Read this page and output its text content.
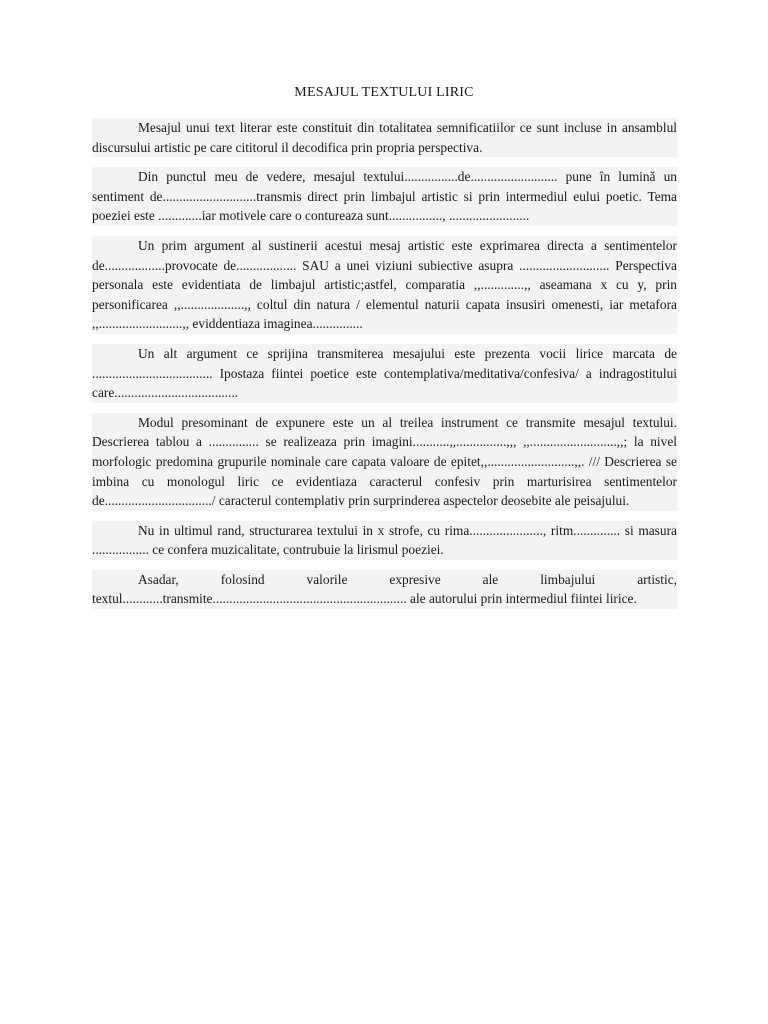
MESAJUL TEXTULUI LIRIC

Mesajul unui text literar este constituit din totalitatea semnificatiilor ce sunt incluse in ansamblul discursului artistic pe care cititorul il decodifica prin propria perspectiva.

Din punctul meu de vedere, mesajul textului................de.......................... pune în lumină un sentiment de............................transmis direct prin limbajul artistic si prin intermediul eului poetic. Tema poeziei este .............iar motivele care o contureaza sunt................, ........................

Un prim argument al sustinerii acestui mesaj artistic este exprimarea directa a sentimentelor de..................provocate de.................. SAU a unei viziuni subiective asupra ........................... Perspectiva personala este evidentiata de limbajul artistic;astfel, comparatia ,,.............,, aseamana x cu y, prin personificarea ,,...................,, coltul din natura / elementul naturii capata insusiri omenesti, iar metafora ,,.........................,, eviddentiaza imaginea...............

Un alt argument ce sprijina transmiterea mesajului este prezenta vocii lirice marcata de .................................... Ipostaza fiintei poetice este contemplativa/meditativa/confesiva/ a indragostitului care.....................................

Modul presominant de expunere este un al treilea instrument ce transmite mesajul textului. Descrierea tablou a ............... se realizeaza prin imagini...........,,...............,,, ,,..........................,,; la nivel morfologic predomina grupurile nominale care capata valoare de epitet,,..........................,,. /// Descrierea se imbina cu monologul liric ce evidentiaza caracterul confesiv prin marturisirea sentimentelor de................................/ caracterul contemplativ prin surprinderea aspectelor deosebite ale peisajului.

Nu in ultimul rand, structurarea textului in x strofe, cu rima......................, ritm.............. si masura ................. ce confera muzicalitate, contrubuie la lirismul poeziei.

Asadar, folosind valorile expresive ale limbajului artistic, textul............transmite.......................................................... ale autorului prin intermediul fiintei lirice.
